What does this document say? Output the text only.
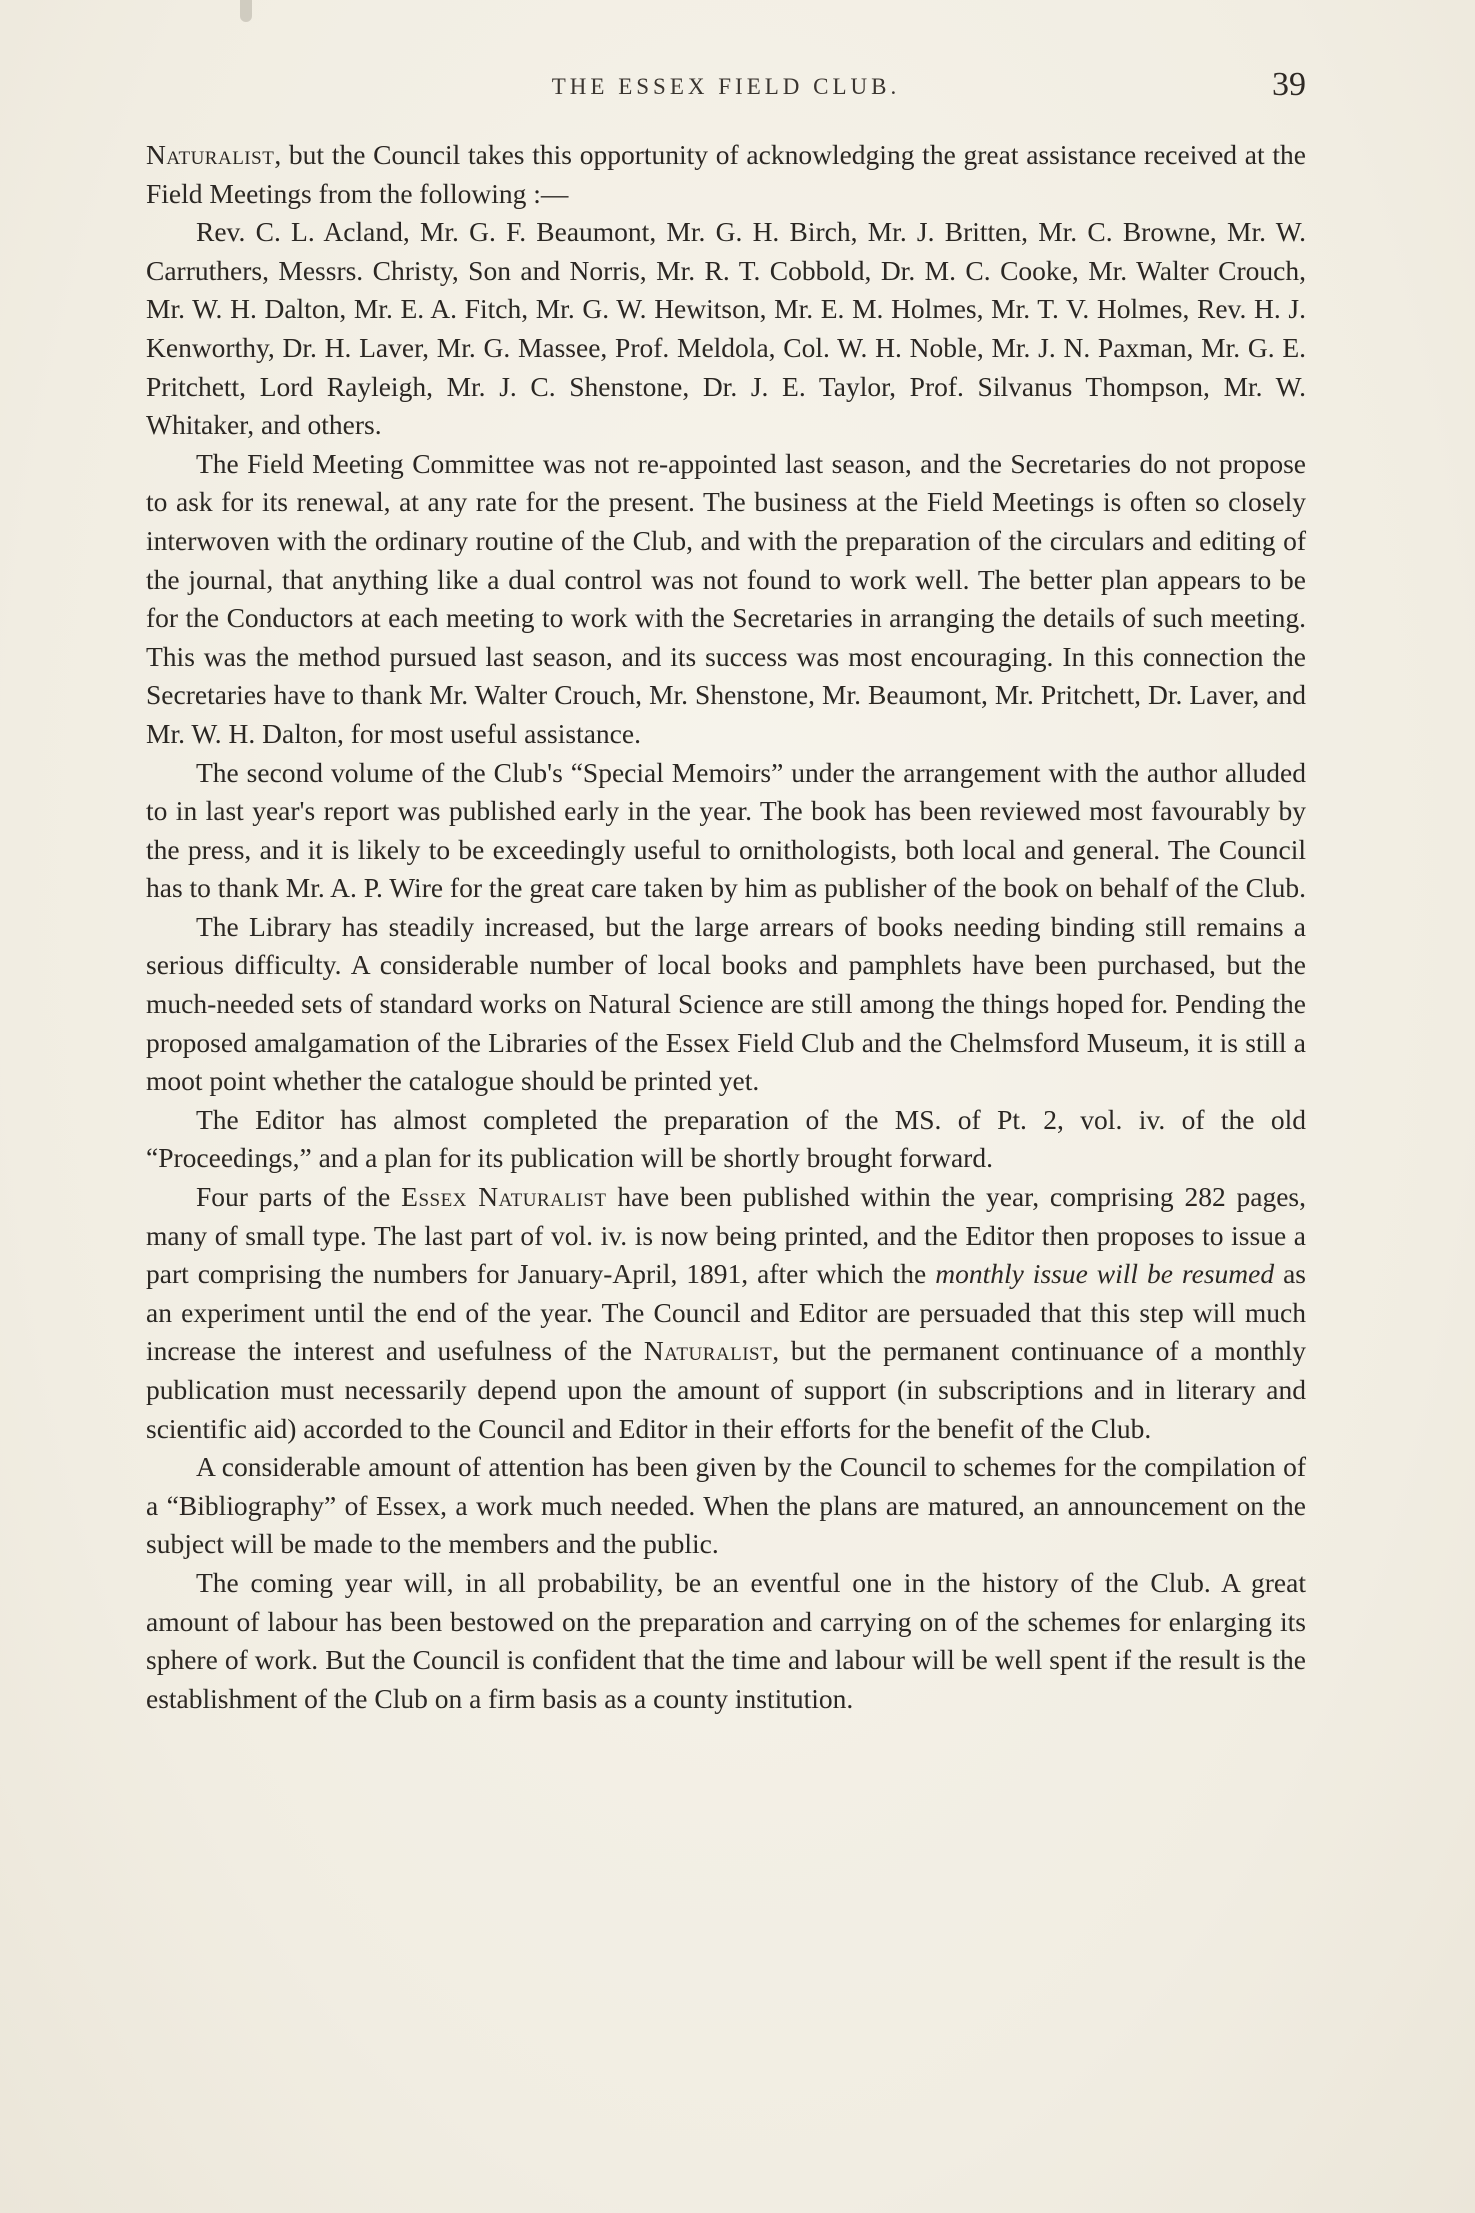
THE ESSEX FIELD CLUB.	39

Naturalist, but the Council takes this opportunity of acknowledging the great assistance received at the Field Meetings from the following :—

Rev. C. L. Acland, Mr. G. F. Beaumont, Mr. G. H. Birch, Mr. J. Britten, Mr. C. Browne, Mr. W. Carruthers, Messrs. Christy, Son and Norris, Mr. R. T. Cobbold, Dr. M. C. Cooke, Mr. Walter Crouch, Mr. W. H. Dalton, Mr. E. A. Fitch, Mr. G. W. Hewitson, Mr. E. M. Holmes, Mr. T. V. Holmes, Rev. H. J. Kenworthy, Dr. H. Laver, Mr. G. Massee, Prof. Meldola, Col. W. H. Noble, Mr. J. N. Paxman, Mr. G. E. Pritchett, Lord Rayleigh, Mr. J. C. Shenstone, Dr. J. E. Taylor, Prof. Silvanus Thompson, Mr. W. Whitaker, and others.

The Field Meeting Committee was not re-appointed last season, and the Secretaries do not propose to ask for its renewal, at any rate for the present. The business at the Field Meetings is often so closely interwoven with the ordinary routine of the Club, and with the preparation of the circulars and editing of the journal, that anything like a dual control was not found to work well. The better plan appears to be for the Conductors at each meeting to work with the Secretaries in arranging the details of such meeting. This was the method pursued last season, and its success was most encouraging. In this connection the Secretaries have to thank Mr. Walter Crouch, Mr. Shenstone, Mr. Beaumont, Mr. Pritchett, Dr. Laver, and Mr. W. H. Dalton, for most useful assistance.

The second volume of the Club's “Special Memoirs” under the arrangement with the author alluded to in last year's report was published early in the year. The book has been reviewed most favourably by the press, and it is likely to be exceedingly useful to ornithologists, both local and general. The Council has to thank Mr. A. P. Wire for the great care taken by him as publisher of the book on behalf of the Club.

The Library has steadily increased, but the large arrears of books needing binding still remains a serious difficulty. A considerable number of local books and pamphlets have been purchased, but the much-needed sets of standard works on Natural Science are still among the things hoped for. Pending the proposed amalgamation of the Libraries of the Essex Field Club and the Chelmsford Museum, it is still a moot point whether the catalogue should be printed yet.

The Editor has almost completed the preparation of the MS. of Pt. 2, vol. iv. of the old “Proceedings,” and a plan for its publication will be shortly brought forward.

Four parts of the Essex Naturalist have been published within the year, comprising 282 pages, many of small type. The last part of vol. iv. is now being printed, and the Editor then proposes to issue a part comprising the numbers for January-April, 1891, after which the monthly issue will be resumed as an experiment until the end of the year. The Council and Editor are persuaded that this step will much increase the interest and usefulness of the Naturalist, but the permanent continuance of a monthly publication must necessarily depend upon the amount of support (in subscriptions and in literary and scientific aid) accorded to the Council and Editor in their efforts for the benefit of the Club.

A considerable amount of attention has been given by the Council to schemes for the compilation of a “Bibliography” of Essex, a work much needed. When the plans are matured, an announcement on the subject will be made to the members and the public.

The coming year will, in all probability, be an eventful one in the history of the Club. A great amount of labour has been bestowed on the preparation and carrying on of the schemes for enlarging its sphere of work. But the Council is confident that the time and labour will be well spent if the result is the establishment of the Club on a firm basis as a county institution.
